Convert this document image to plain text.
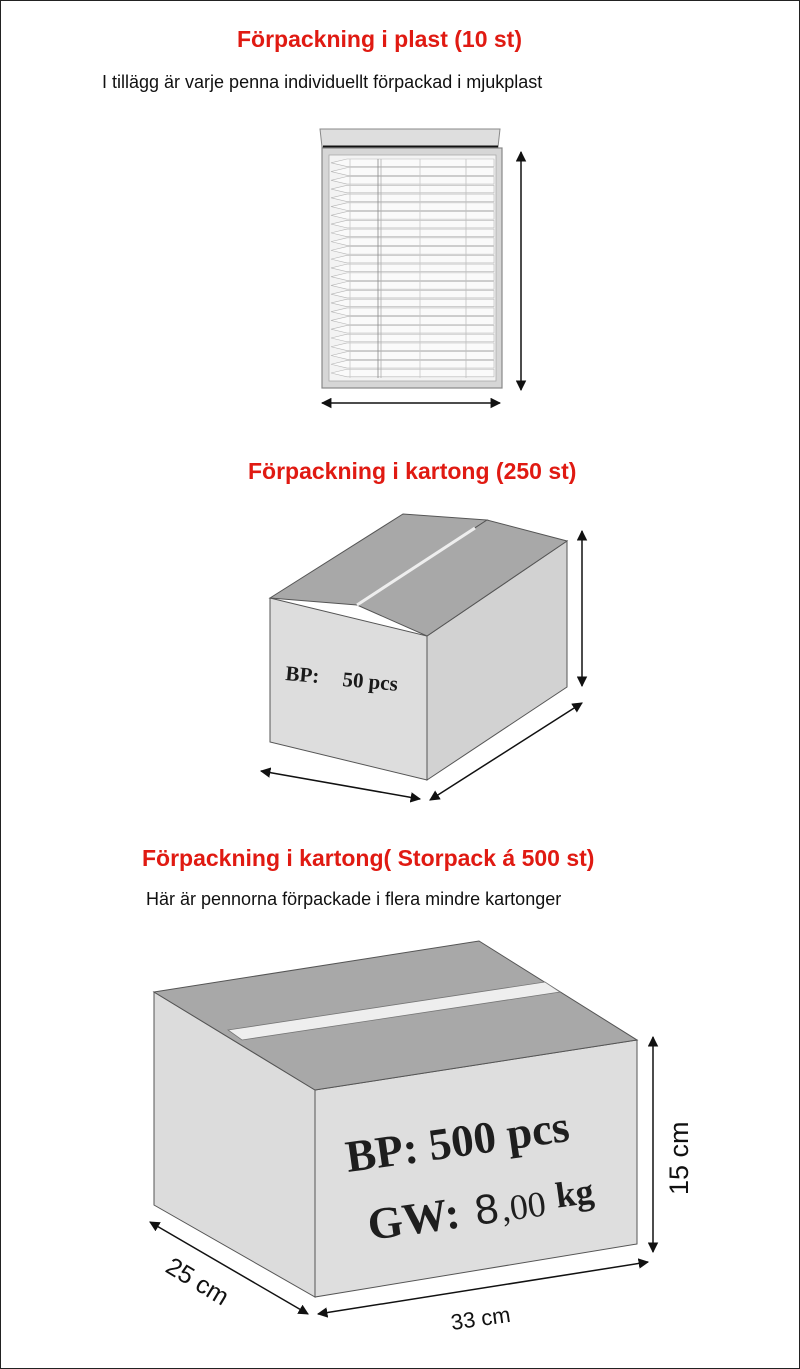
Förpackning i plast (10 st)
I tillägg är varje penna individuellt förpackad i mjukplast
BP: 50 pcs
BP: 500 pcs
GW: 8
,00 kg	15 cm
25 cm
33 cm
Förpackning i kartong (250 st)
Förpackning i kartong( Storpack á 500 st)
Här är pennorna förpackade i flera mindre kartonger
